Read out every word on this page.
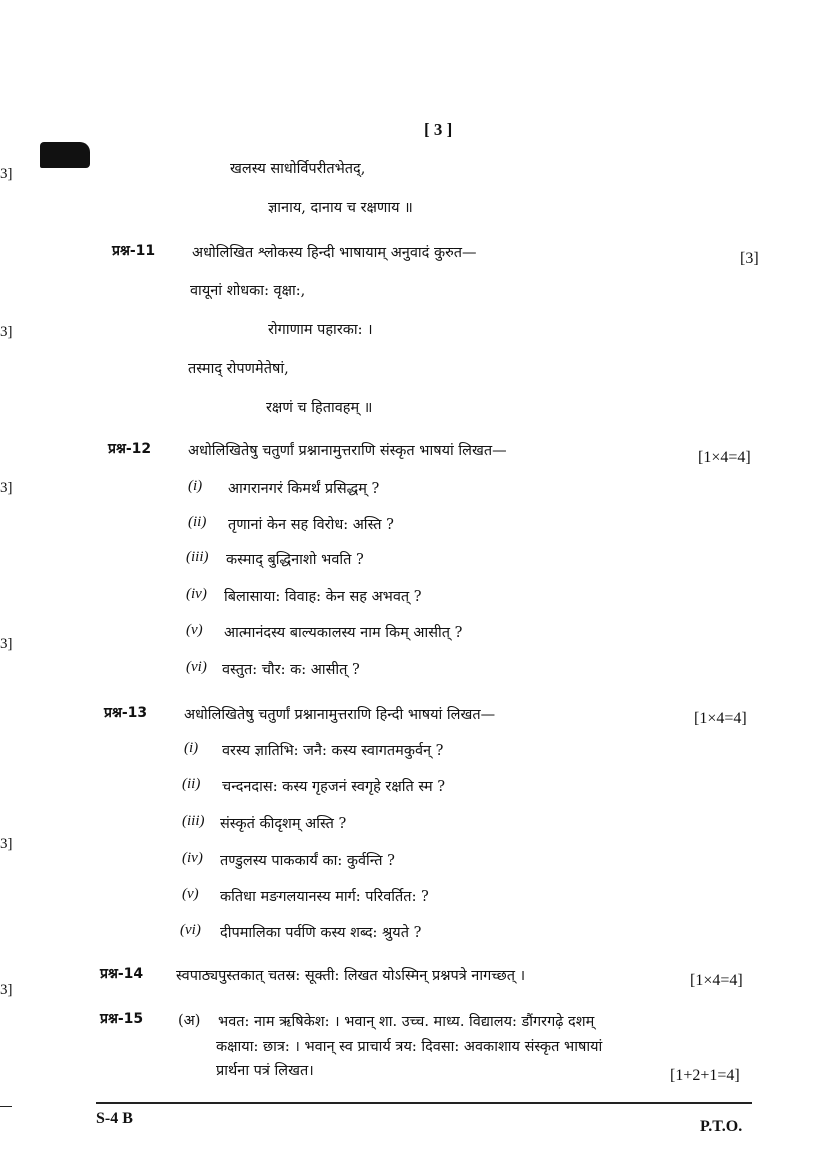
[ 3 ]
3]
3]
3]
3]
3]
3]
खलस्य साधोर्विपरीतभेतद्,
ज्ञानाय, दानाय च रक्षणाय ॥
प्रश्न-11	अधोलिखित श्लोकस्य हिन्दी भाषायाम् अनुवादं कुरुत—	[3]
वायूनां शोधका: वृक्षा:,
रोगाणाम पहारका: ।
तस्माद् रोपणमेतेषां,
रक्षणं च हितावहम् ॥
प्रश्न-12	अधोलिखितेषु चतुर्णां प्रश्नानामुत्तराणि संस्कृत भाषयां लिखत—	[1×4=4]
(i) आगरानगरं किमर्थं प्रसिद्धम् ?
(ii) तृणानां केन सह विरोध: अस्ति ?
(iii) कस्माद् बुद्धिनाशो भवति ?
(iv) बिलासाया: विवाह: केन सह अभवत् ?
(v) आत्मानंदस्य बाल्यकालस्य नाम किम् आसीत् ?
(vi) वस्तुत: चौर: क: आसीत् ?
प्रश्न-13	अधोलिखितेषु चतुर्णां प्रश्नानामुत्तराणि हिन्दी भाषयां लिखत—	[1×4=4]
(i) वरस्य ज्ञातिभि: जनै: कस्य स्वागतमकुर्वन् ?
(ii) चन्दनदास: कस्य गृहजनं स्वगृहे रक्षति स्म ?
(iii) संस्कृतं कीदृशम् अस्ति ?
(iv) तण्डुलस्य पाककार्यं का: कुर्वन्ति ?
(v) कतिधा मङगलयानस्य मार्ग: परिवर्तित: ?
(vi) दीपमालिका पर्वणि कस्य शब्द: श्रुयते ?
प्रश्न-14 स्वपाठ्यपुस्तकात् चतस्र: सूक्ती: लिखत योऽस्मिन् प्रश्नपत्रे नागच्छत् ।	[1×4=4]
प्रश्न-15 (अ) भवत: नाम ऋषिकेश: । भवान् शा. उच्च. माध्य. विद्यालय: डौंगरगढ़े दशम्
कक्षाया: छात्र: । भवान् स्व प्राचार्य त्रय: दिवसा: अवकाशाय संस्कृत भाषायां
प्रार्थना पत्रं लिखत।	[1+2+1=4]
S-4 B	P.T.O.
